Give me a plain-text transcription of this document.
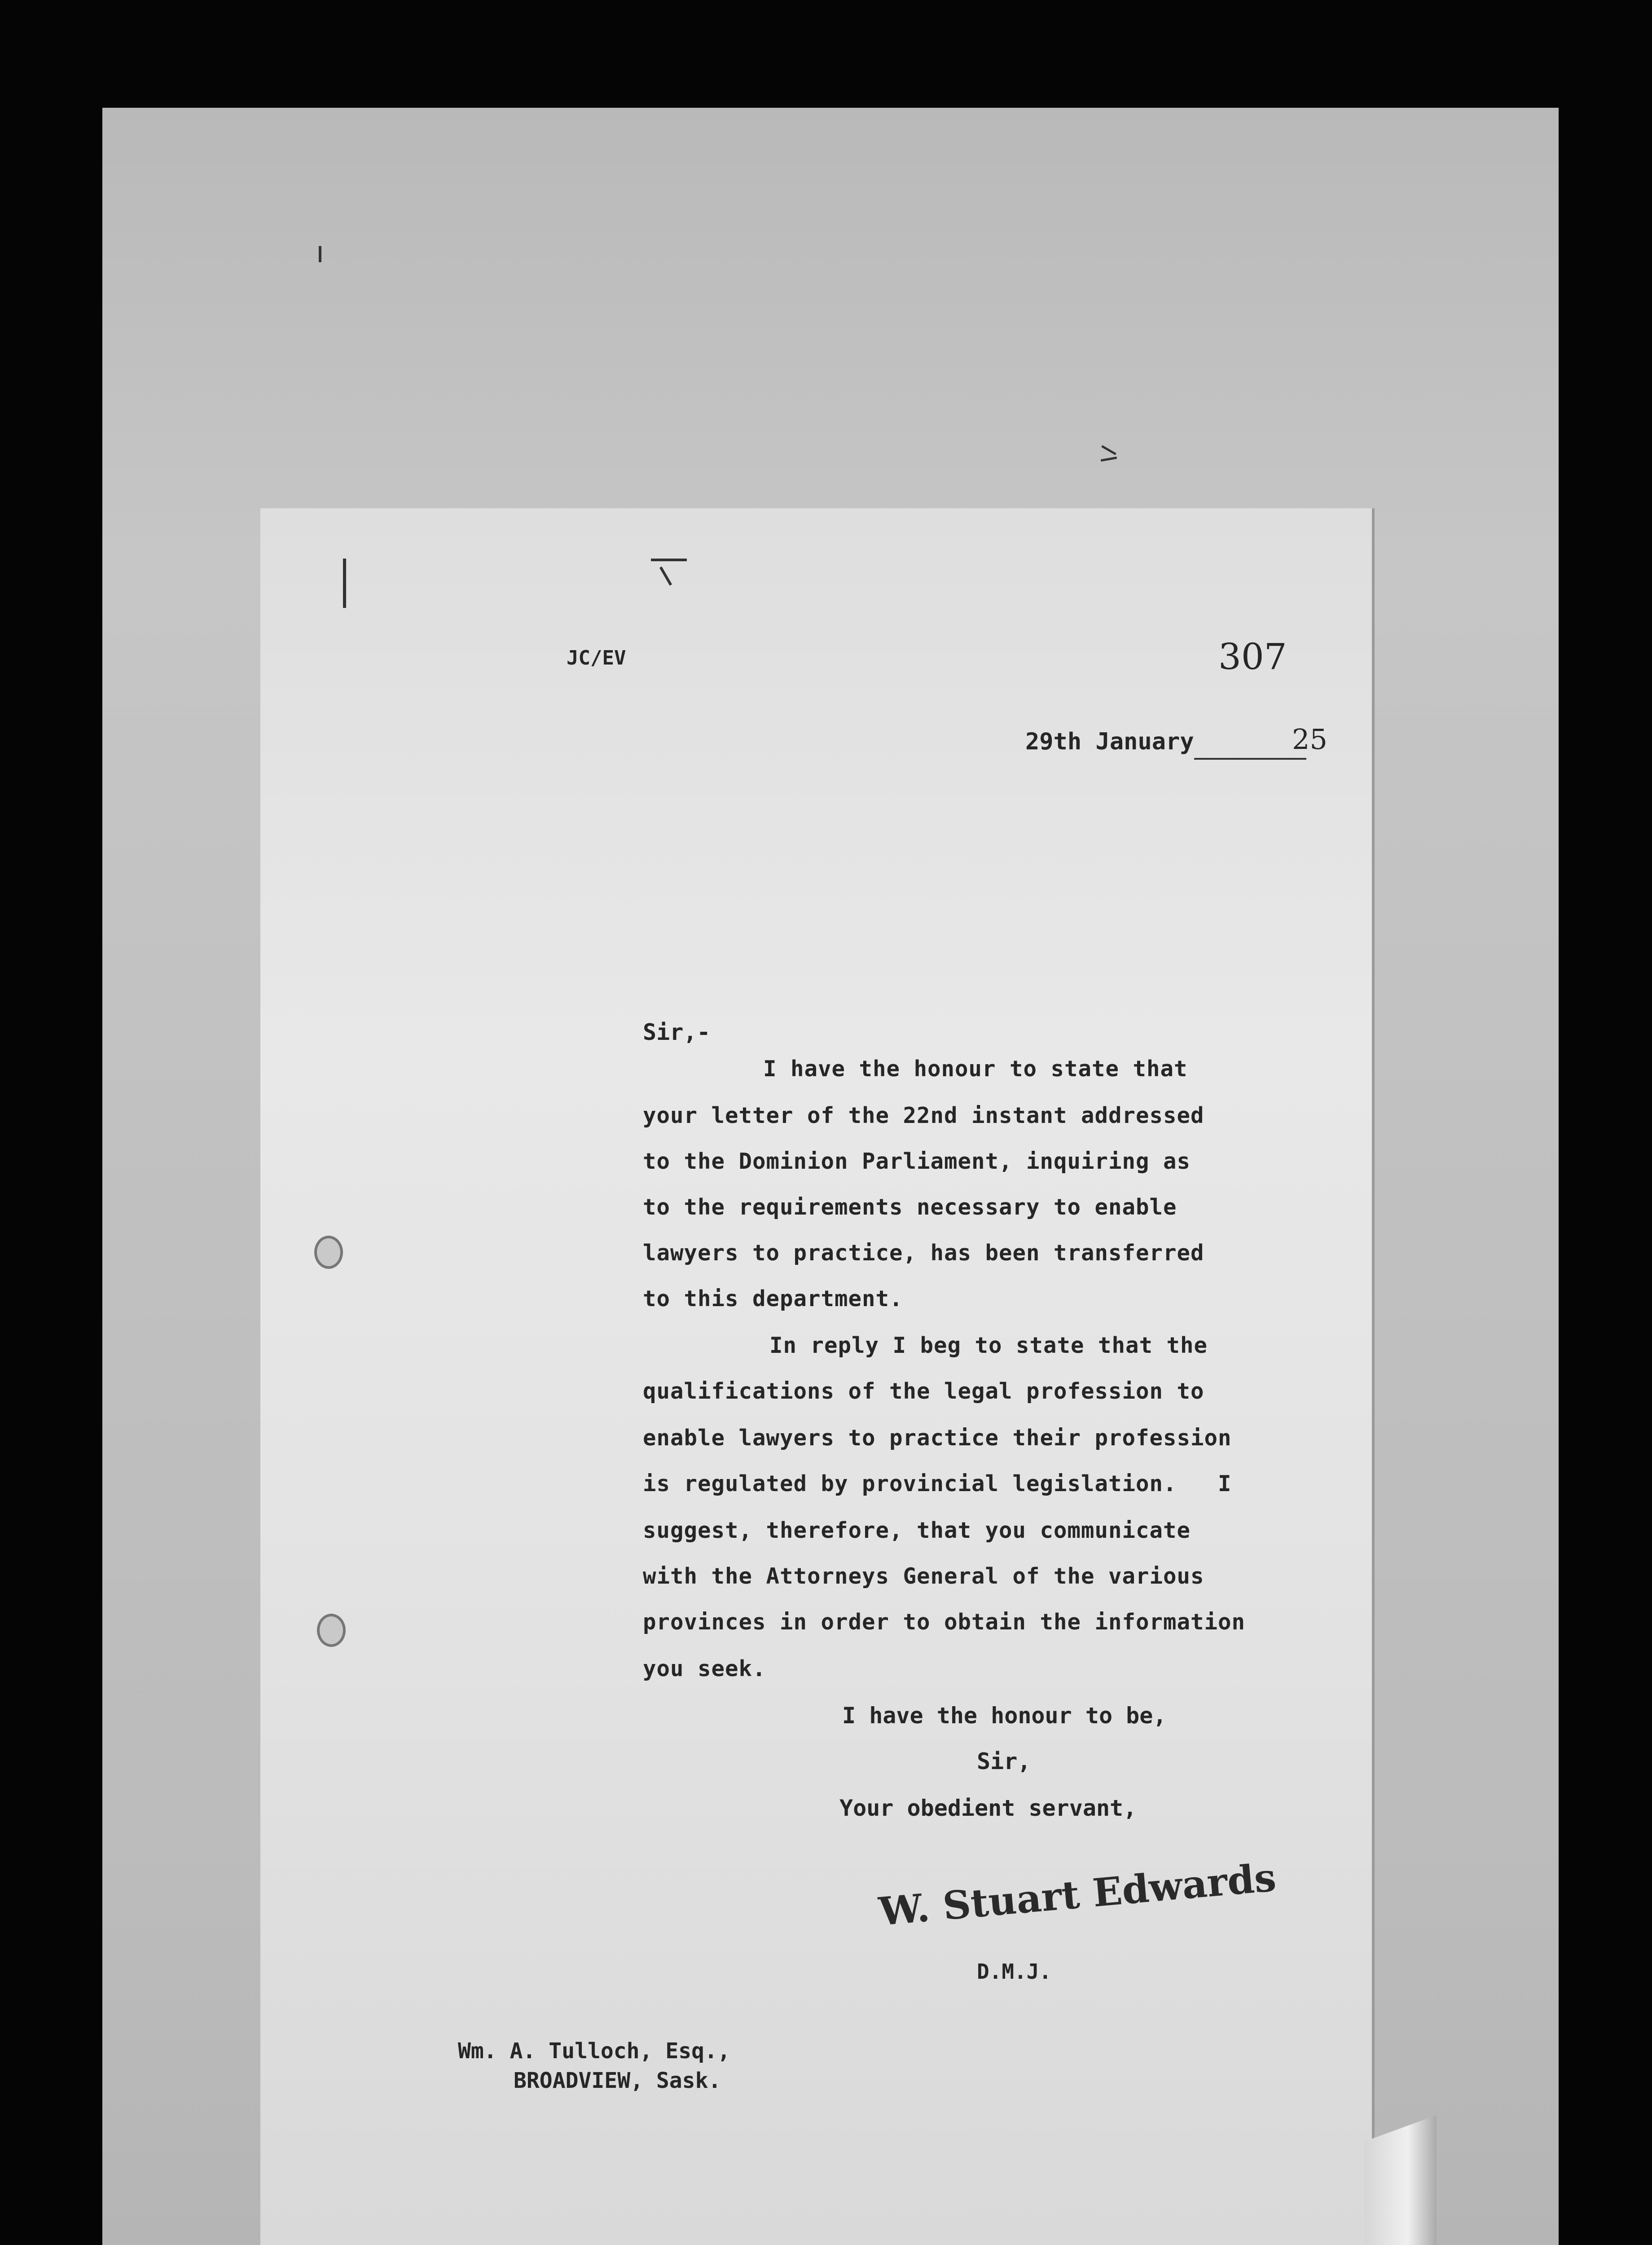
JC/EV	307
29th January	25
Sir,-
I have the honour to state that
your letter of the 22nd instant addressed
to the Dominion Parliament, inquiring as
to the requirements necessary to enable
lawyers to practice, has been transferred
to this department.
In reply I beg to state that the
qualifications of the legal profession to
enable lawyers to practice their profession
is regulated by provincial legislation.   I
suggest, therefore, that you communicate
with the Attorneys General of the various
provinces in order to obtain the information
you seek.
I have the honour to be,
Sir,
Your obedient servant,
W. Stuart Edwards
D.M.J.
Wm. A. Tulloch, Esq.,
BROADVIEW, Sask.
